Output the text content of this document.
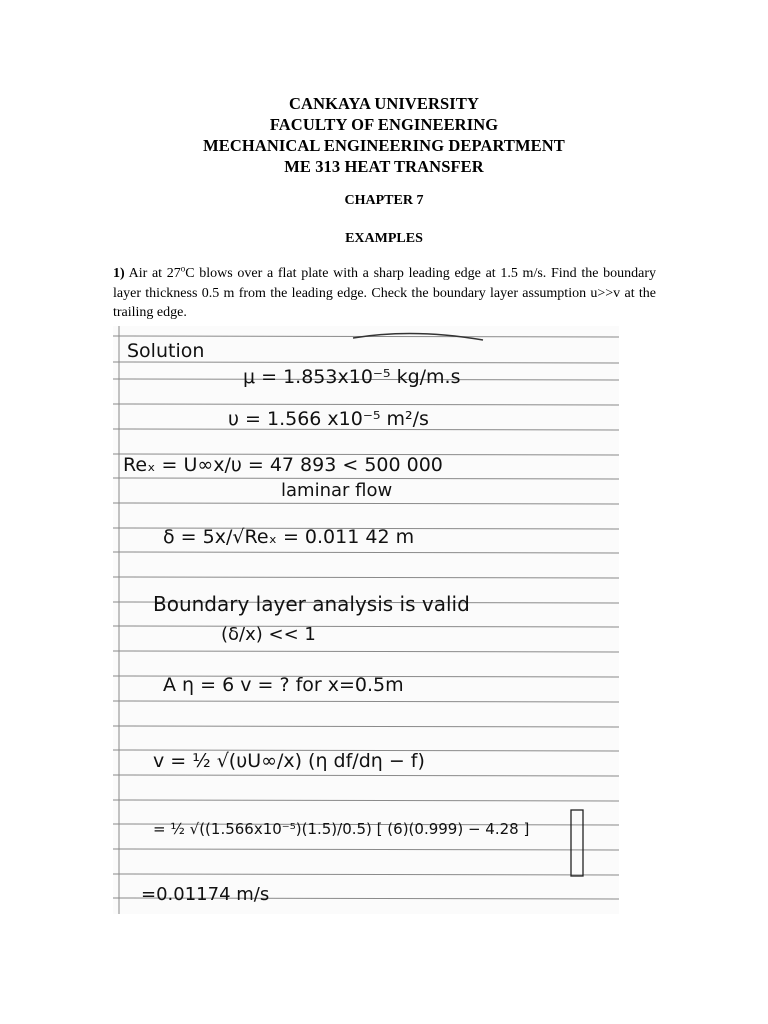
CANKAYA UNIVERSITY
FACULTY OF ENGINEERING
MECHANICAL ENGINEERING DEPARTMENT
ME 313 HEAT TRANSFER
CHAPTER 7
EXAMPLES
1) Air at 27$^o$C blows over a flat plate with a sharp leading edge at 1.5 m/s. Find the boundary layer thickness 0.5 m from the leading edge. Check the boundary layer assumption u>>v at the trailing edge.
Solution
μ = 1.853x10⁻⁵ kg/m.s
υ = 1.566 x10⁻⁵ m²/s
Reₓ = U∞x/υ = 47 893 < 500 000
laminar flow
δ = 5x/√Reₓ = 0.011 42 m
Boundary layer analysis is valid
(δ/x) << 1
A η = 6 v = ? for x=0.5m
v = ½ √(υU∞/x) (η df/dη − f)
= ½ √((1.566x10⁻⁵)(1.5)/0.5) [ (6)(0.999) − 4.28 ]
=0.01174 m/s
